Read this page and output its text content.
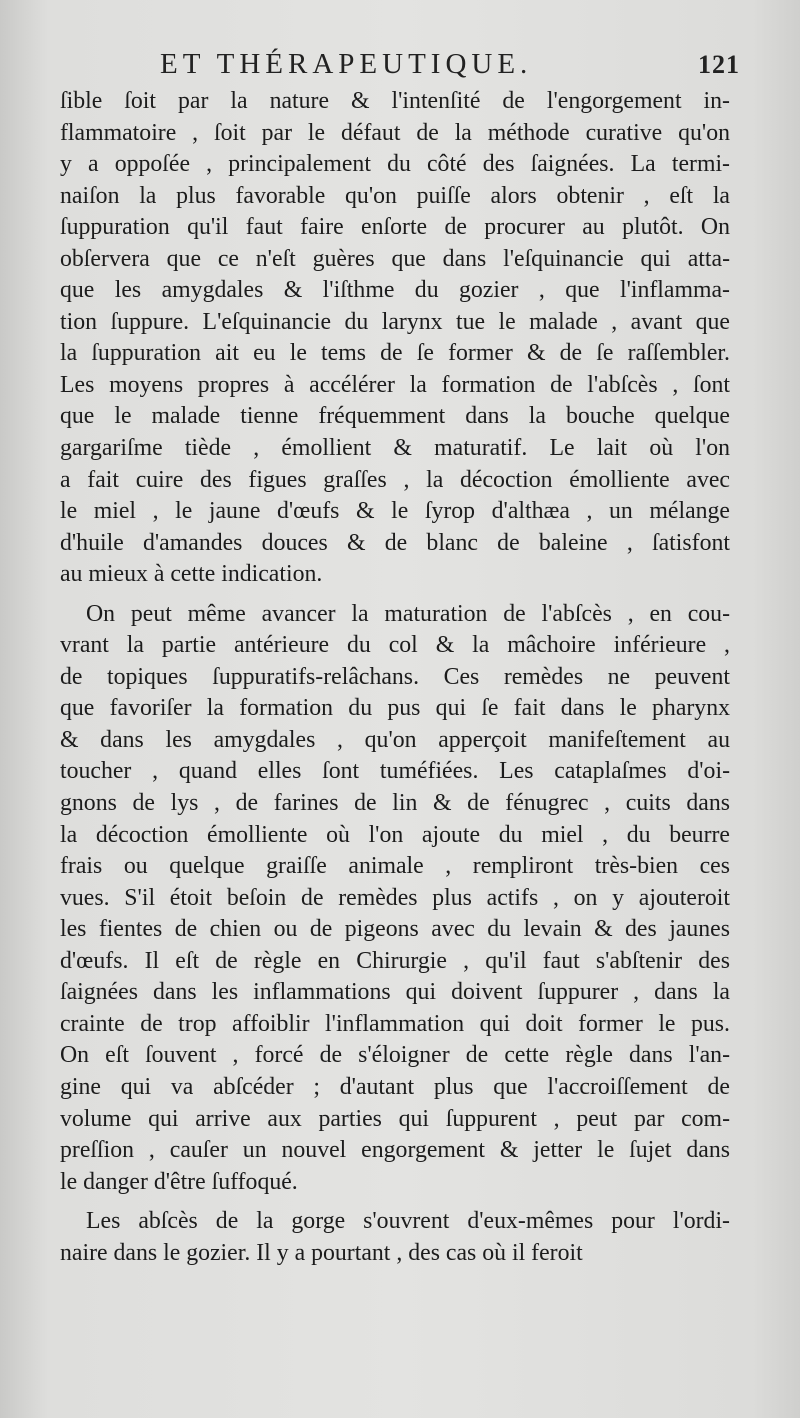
ET THÉRAPEUTIQUE.	121
ſible ſoit par la nature & l'intenſité de l'engorgement in-
flammatoire , ſoit par le défaut de la méthode curative qu'on
y a oppoſée , principalement du côté des ſaignées. La termi-
naiſon la plus favorable qu'on puiſſe alors obtenir , eſt la
ſuppuration qu'il faut faire enſorte de procurer au plutôt. On
obſervera que ce n'eſt guères que dans l'eſquinancie qui atta-
que les amygdales & l'iſthme du gozier , que l'inflamma-
tion ſuppure. L'eſquinancie du larynx tue le malade , avant que
la ſuppuration ait eu le tems de ſe former & de ſe raſſembler.
Les moyens propres à accélérer la formation de l'abſcès , ſont
que le malade tienne fréquemment dans la bouche quelque
gargariſme tiède , émollient & maturatif. Le lait où l'on
a fait cuire des figues graſſes , la décoction émolliente avec
le miel , le jaune d'œufs & le ſyrop d'althæa , un mélange
d'huile d'amandes douces & de blanc de baleine , ſatisfont
au mieux à cette indication.
On peut même avancer la maturation de l'abſcès , en cou-
vrant la partie antérieure du col & la mâchoire inférieure ,
de topiques ſuppuratifs-relâchans. Ces remèdes ne peuvent
que favoriſer la formation du pus qui ſe fait dans le pharynx
& dans les amygdales , qu'on apperçoit manifeſtement au
toucher , quand elles ſont tuméfiées. Les cataplaſmes d'oi-
gnons de lys , de farines de lin & de fénugrec , cuits dans
la décoction émolliente où l'on ajoute du miel , du beurre
frais ou quelque graiſſe animale , rempliront très-bien ces
vues. S'il étoit beſoin de remèdes plus actifs , on y ajouteroit
les fientes de chien ou de pigeons avec du levain & des jaunes
d'œufs. Il eſt de règle en Chirurgie , qu'il faut s'abſtenir des
ſaignées dans les inflammations qui doivent ſuppurer , dans la
crainte de trop affoiblir l'inflammation qui doit former le pus.
On eſt ſouvent , forcé de s'éloigner de cette règle dans l'an-
gine qui va abſcéder ; d'autant plus que l'accroiſſement de
volume qui arrive aux parties qui ſuppurent , peut par com-
preſſion , cauſer un nouvel engorgement & jetter le ſujet dans
le danger d'être ſuffoqué.
Les abſcès de la gorge s'ouvrent d'eux-mêmes pour l'ordi-
naire dans le gozier. Il y a pourtant , des cas où il feroit
